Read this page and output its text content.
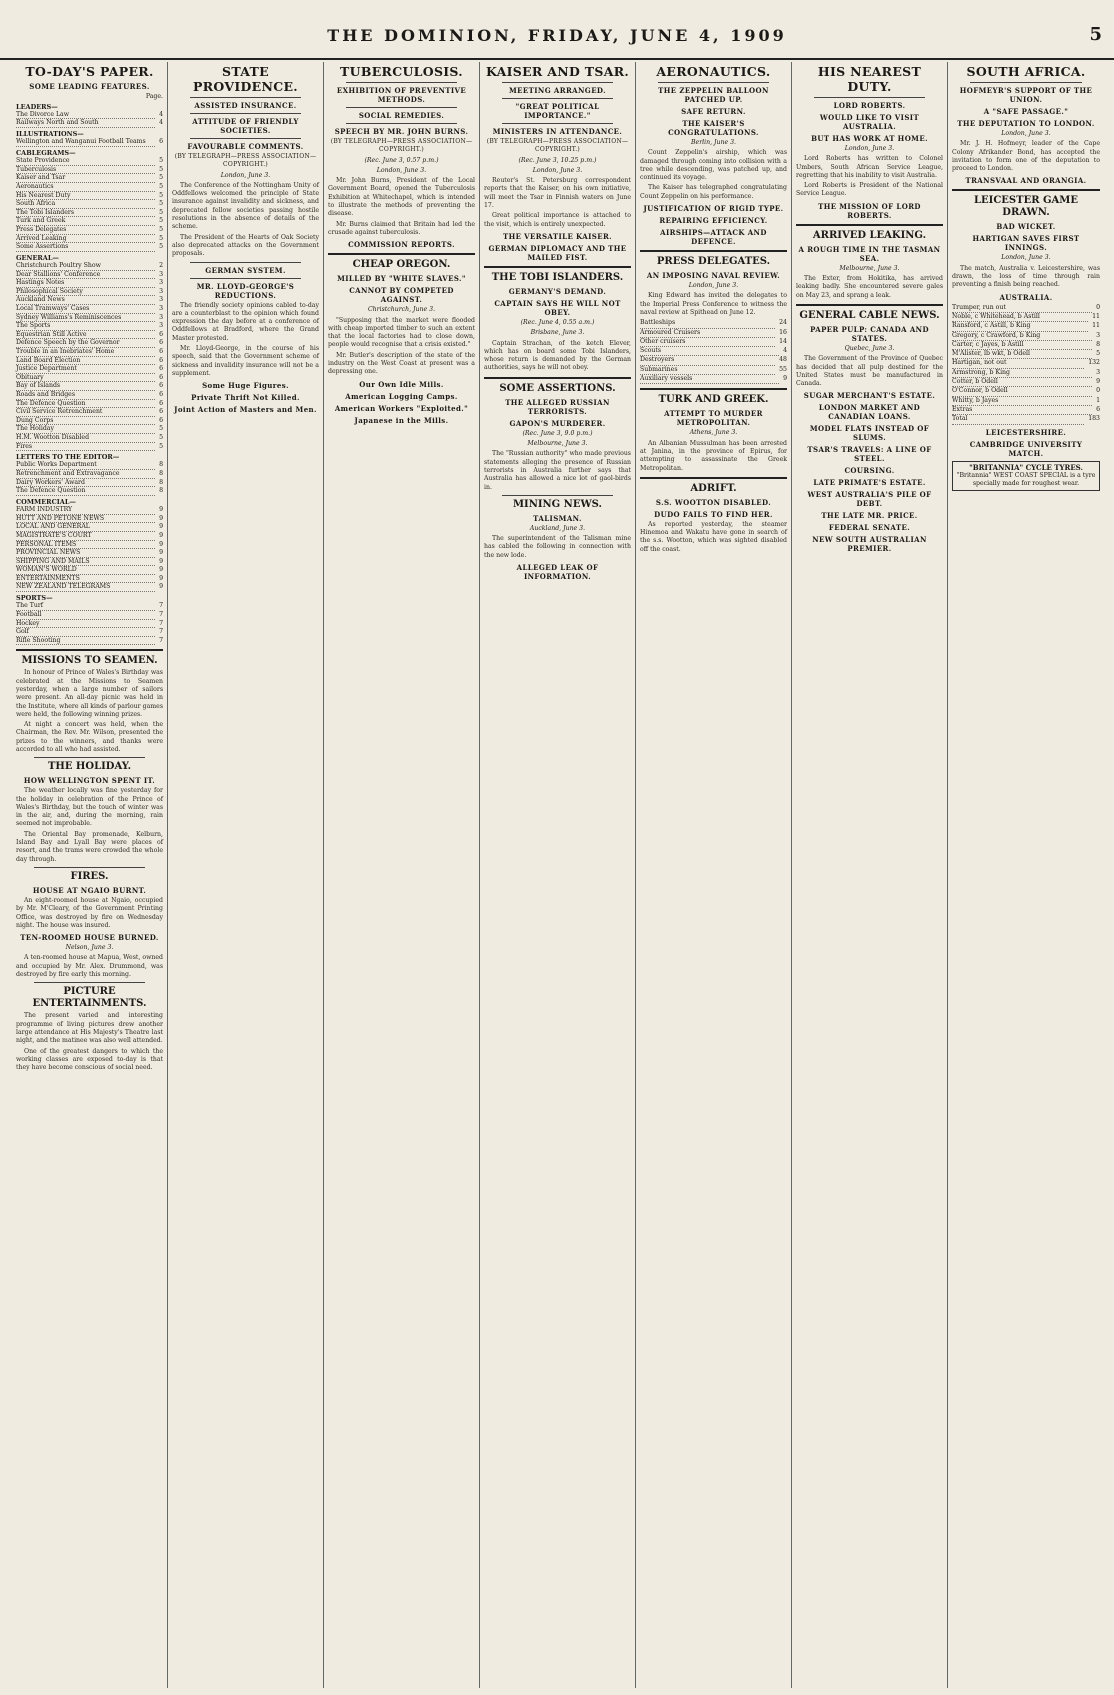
THE DOMINION, FRIDAY, JUNE 4, 1909	5
TO-DAY'S PAPER.
SOME LEADING FEATURES.
Page.
LEADERS—
The Divorce Law	4
Railways North and South	4
ILLUSTRATIONS—
Wellington and Wanganui Football Teams	6
CABLEGRAMS—
State Providence	5
Tuberculosis	5
Kaiser and Tsar	5
Aeronautics	5
His Nearest Duty	5
South Africa	5
The Tobi Islanders	5
Turk and Greek	5
Press Delegates	5
Arrived Leaking	5
Some Assertions	5
GENERAL—
Christchurch Poultry Show	2
Dear Stallions' Conference	3
Hastings Notes	3
Philosophical Society	3
Auckland News	3
Local Tramways' Cases	3
Sydney Williams's Reminiscences	3
The Sports	3
Equestrian Still Active	6
Defence Speech by the Governor	6
Trouble in an Inebriates' Home	6
Land Board Election	6
Justice Department	6
Obituary	6
Bay of Islands	6
Roads and Bridges	6
The Defence Question	6
Civil Service Retrenchment	6
Dung Corps	6
The Holiday	5
H.M. Wootton Disabled	5
Fires	5
LETTERS TO THE EDITOR—
Public Works Department	8
Retrenchment and Extravagance	8
Dairy Workers' Award	8
The Defence Question	8
COMMERCIAL—
FARM INDUSTRY	9
HUTT AND PETONE NEWS	9
LOCAL AND GENERAL	9
MAGISTRATE'S COURT	9
PERSONAL ITEMS	9
PROVINCIAL NEWS	9
SHIPPING AND MAILS	9
WOMAN'S WORLD	9
ENTERTAINMENTS	9
NEW ZEALAND TELEGRAMS	9
SPORTS—
The Turf	7
Football	7
Hockey	7
Golf	7
Rifle Shooting	7
MISSIONS TO SEAMEN.

In honour of Prince of Wales's Birthday was celebrated at the Missions to Seamen yesterday, when a large number of sailors were present. An all-day picnic was held in the Institute, where all kinds of parlour games were held, the following winning prizes.

At night a concert was held, when the Chairman, the Rev. Mr. Wilson, presented the prizes to the winners, and thanks were accorded to all who had assisted.

THE HOLIDAY.
HOW WELLINGTON SPENT IT.

The weather locally was fine yesterday for the holiday in celebration of the Prince of Wales's Birthday, but the touch of winter was in the air, and, during the morning, rain seemed not improbable.

The Oriental Bay promenade, Kelburn, Island Bay and Lyall Bay were places of resort, and the trams were crowded the whole day through.

FIRES.
HOUSE AT NGAIO BURNT.

An eight-roomed house at Ngaio, occupied by Mr. M'Cleary, of the Government Printing Office, was destroyed by fire on Wednesday night. The house was insured.

TEN-ROOMED HOUSE BURNED.
Nelson, June 3.

A ten-roomed house at Mapua, West, owned and occupied by Mr. Alex. Drummond, was destroyed by fire early this morning.

PICTURE ENTERTAINMENTS.

The present varied and interesting programme of living pictures drew another large attendance at His Majesty's Theatre last night, and the matinee was also well attended.

One of the greatest dangers to which the working classes are exposed to-day is that they have become conscious of social need.

STATE PROVIDENCE.
ASSISTED INSURANCE.
ATTITUDE OF FRIENDLY SOCIETIES.
FAVOURABLE COMMENTS.
(BY TELEGRAPH—PRESS ASSOCIATION—COPYRIGHT.)
London, June 3.

The Conference of the Nottingham Unity of Oddfellows welcomed the principle of State insurance against invalidity and sickness, and deprecated fellow societies passing hostile resolutions in the absence of details of the scheme.

The President of the Hearts of Oak Society also deprecated attacks on the Government proposals.

GERMAN SYSTEM.
MR. LLOYD-GEORGE'S REDUCTIONS.

The friendly society opinions cabled to-day are a counterblast to the opinion which found expression the day before at a conference of Oddfellows at Bradford, where the Grand Master protested.

Mr. Lloyd-George, in the course of his speech, said that the Government scheme of sickness and invalidity insurance will not be a supplement.

Some Huge Figures.
Private Thrift Not Killed.
Joint Action of Masters and Men.
TUBERCULOSIS.
EXHIBITION OF PREVENTIVE METHODS.
SOCIAL REMEDIES.
SPEECH BY MR. JOHN BURNS.
(BY TELEGRAPH—PRESS ASSOCIATION—COPYRIGHT.)
(Rec. June 3, 0.57 p.m.)
London, June 3.

Mr. John Burns, President of the Local Government Board, opened the Tuberculosis Exhibition at Whitechapel, which is intended to illustrate the methods of preventing the disease.

Mr. Burns claimed that Britain had led the crusade against tuberculosis.

COMMISSION REPORTS.
CHEAP OREGON.
MILLED BY "WHITE SLAVES."
CANNOT BY COMPETED AGAINST.
Christchurch, June 3.

"Supposing that the market were flooded with cheap imported timber to such an extent that the local factories had to close down, people would recognise that a crisis existed."

Mr. Butler's description of the state of the industry on the West Coast at present was a depressing one.

Our Own Idle Mills.
American Logging Camps.
American Workers "Exploited."
Japanese in the Mills.
KAISER AND TSAR.
MEETING ARRANGED.
"GREAT POLITICAL IMPORTANCE."
MINISTERS IN ATTENDANCE.
(BY TELEGRAPH—PRESS ASSOCIATION—COPYRIGHT.)
(Rec. June 3, 10.25 p.m.)
London, June 3.

Reuter's St. Petersburg correspondent reports that the Kaiser, on his own initiative, will meet the Tsar in Finnish waters on June 17.

Great political importance is attached to the visit, which is entirely unexpected.

THE VERSATILE KAISER.
GERMAN DIPLOMACY AND THE MAILED FIST.
THE TOBI ISLANDERS.
GERMANY'S DEMAND.
CAPTAIN SAYS HE WILL NOT OBEY.
(Rec. June 4, 0.55 a.m.)
Brisbane, June 3.

Captain Strachan, of the ketch Elever, which has on board some Tobi Islanders, whose return is demanded by the German authorities, says he will not obey.

SOME ASSERTIONS.
THE ALLEGED RUSSIAN TERRORISTS.
GAPON'S MURDERER.
(Rec. June 3, 9.0 p.m.)
Melbourne, June 3.

The "Russian authority" who made previous statements alleging the presence of Russian terrorists in Australia further says that Australia has allowed a nice lot of gaol-birds in.

MINING NEWS.
TALISMAN.
Auckland, June 3.

The superintendent of the Talisman mine has cabled the following in connection with the new lode.

ALLEGED LEAK OF INFORMATION.
AERONAUTICS.
THE ZEPPELIN BALLOON PATCHED UP.
SAFE RETURN.
THE KAISER'S CONGRATULATIONS.
Berlin, June 3.

Count Zeppelin's airship, which was damaged through coming into collision with a tree while descending, was patched up, and continued its voyage.

The Kaiser has telegraphed congratulating Count Zeppelin on his performance.

JUSTIFICATION OF RIGID TYPE.
REPAIRING EFFICIENCY.
AIRSHIPS—ATTACK AND DEFENCE.
PRESS DELEGATES.
AN IMPOSING NAVAL REVIEW.
London, June 3.

King Edward has invited the delegates to the Imperial Press Conference to witness the naval review at Spithead on June 12.

Battleships	24
Armoured Cruisers	16
Other cruisers	14
Scouts	4
Destroyers	48
Submarines	55
Auxiliary vessels	9
TURK AND GREEK.
ATTEMPT TO MURDER METROPOLITAN.
Athens, June 3.

An Albanian Mussulman has been arrested at Janina, in the province of Epirus, for attempting to assassinate the Greek Metropolitan.

ADRIFT.
S.S. WOOTTON DISABLED.
DUDO FAILS TO FIND HER.

As reported yesterday, the steamer Hinemoa and Wakatu have gone in search of the s.s. Wootton, which was sighted disabled off the coast.

HIS NEAREST DUTY.
LORD ROBERTS.
WOULD LIKE TO VISIT AUSTRALIA.
BUT HAS WORK AT HOME.
London, June 3.

Lord Roberts has written to Colonel Umbers, South African Service League, regretting that his inability to visit Australia.

Lord Roberts is President of the National Service League.

THE MISSION OF LORD ROBERTS.
ARRIVED LEAKING.
A ROUGH TIME IN THE TASMAN SEA.
Melbourne, June 3.

The Exter, from Hokitika, has arrived leaking badly. She encountered severe gales on May 23, and sprang a leak.

GENERAL CABLE NEWS.
PAPER PULP: CANADA AND STATES.
Quebec, June 3.

The Government of the Province of Quebec has decided that all pulp destined for the United States must be manufactured in Canada.

SUGAR MERCHANT'S ESTATE.
LONDON MARKET AND CANADIAN LOANS.
MODEL FLATS INSTEAD OF SLUMS.
TSAR'S TRAVELS: A LINE OF STEEL.
COURSING.
LATE PRIMATE'S ESTATE.
WEST AUSTRALIA'S PILE OF DEBT.
THE LATE MR. PRICE.
FEDERAL SENATE.
NEW SOUTH AUSTRALIAN PREMIER.
SOUTH AFRICA.
HOFMEYR'S SUPPORT OF THE UNION.
A "SAFE PASSAGE."
THE DEPUTATION TO LONDON.
London, June 3.

Mr. J. H. Hofmeyr, leader of the Cape Colony Afrikander Bond, has accepted the invitation to form one of the deputation to proceed to London.

TRANSVAAL AND ORANGIA.
LEICESTER GAME DRAWN.
BAD WICKET.
HARTIGAN SAVES FIRST INNINGS.
London, June 3.

The match, Australia v. Leicestershire, was drawn, the loss of time through rain preventing a finish being reached.

AUSTRALIA.
Trumper, run out	0
Noble, c Whitehead, b Astill	11
Ransford, c Astill, b King	11
Gregory, c Crawford, b King	3
Carter, c Jayes, b Astill	8
M'Alister, lb wkt, b Odell	5
Hartigan, not out	132
Armstrong, b King	3
Cotter, b Odell	9
O'Connor, b Odell	0
Whitty, b Jayes	1
Extras	6
Total	183
LEICESTERSHIRE.
CAMBRIDGE UNIVERSITY MATCH.
"BRITANNIA" CYCLE TYRES.
"Britannia" WEST COAST SPECIAL is a tyre specially made for roughest wear.
